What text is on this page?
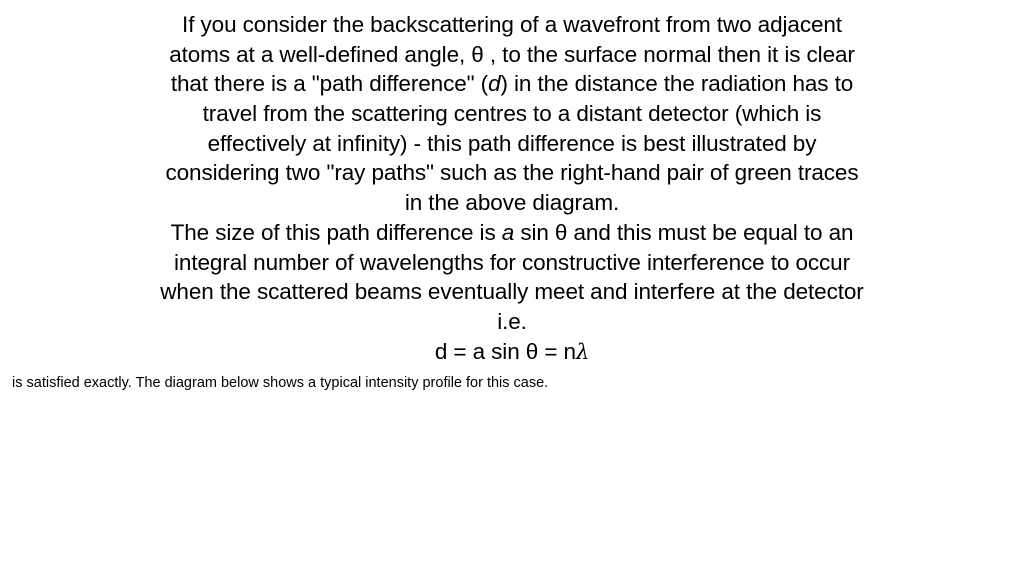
If you consider the backscattering of a wavefront from two adjacent
atoms at a well-defined angle, θ , to the surface normal then it is clear
that there is a "path difference" (d) in the distance the radiation has to
travel from the scattering centres to a distant detector (which is
effectively at infinity) - this path difference is best illustrated by
considering two "ray paths" such as the right-hand pair of green traces
in the above diagram.

The size of this path difference is a sin θ and this must be equal to an
integral number of wavelengths for constructive interference to occur
when the scattered beams eventually meet and interfere at the detector
i.e.

d = a sin θ = nλ

is satisfied exactly. The diagram below shows a typical intensity profile for this case.
